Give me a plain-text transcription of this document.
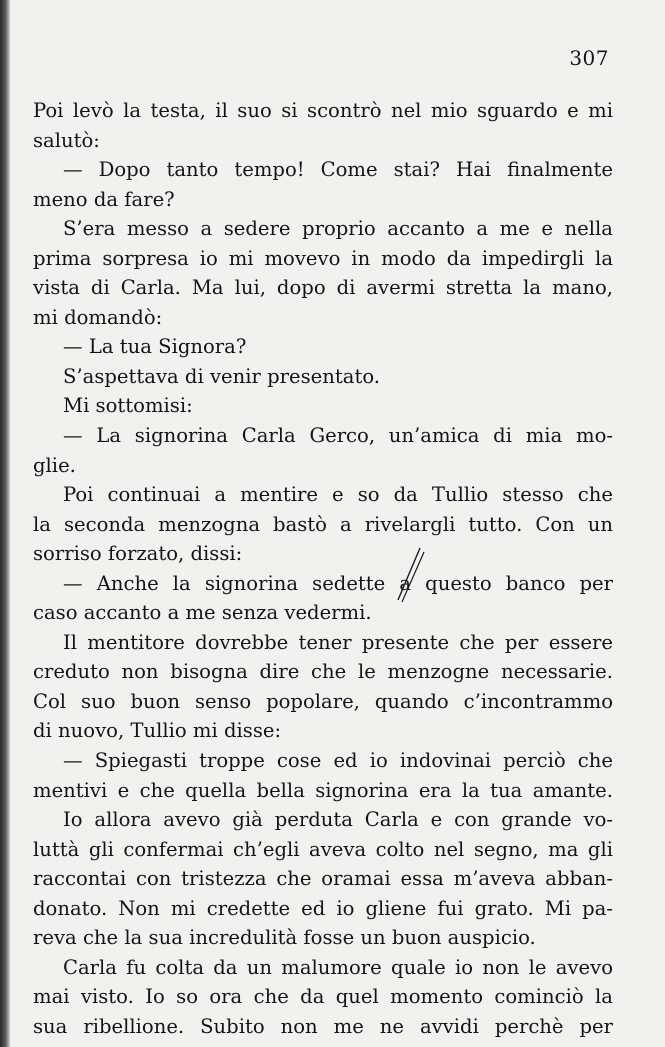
307
Poi levò la testa, il suo si scontrò nel mio sguardo e mi
salutò:
— Dopo tanto tempo! Come stai? Hai finalmente
meno da fare?
S’era messo a sedere proprio accanto a me e nella
prima sorpresa io mi movevo in modo da impedirgli la
vista di Carla. Ma lui, dopo di avermi stretta la mano,
mi domandò:
— La tua Signora?
S’aspettava di venir presentato.
Mi sottomisi:
— La signorina Carla Gerco, un’amica di mia mo-
glie.
Poi continuai a mentire e so da Tullio stesso che
la seconda menzogna bastò a rivelargli tutto. Con un
sorriso forzato, dissi:
— Anche la signorina sedette a questo banco per
caso accanto a me senza vedermi.
Il mentitore dovrebbe tener presente che per essere
creduto non bisogna dire che le menzogne necessarie.
Col suo buon senso popolare, quando c’incontrammo
di nuovo, Tullio mi disse:
— Spiegasti troppe cose ed io indovinai perciò che
mentivi e che quella bella signorina era la tua amante.
Io allora avevo già perduta Carla e con grande vo-
luttà gli confermai ch’egli aveva colto nel segno, ma gli
raccontai con tristezza che oramai essa m’aveva abban-
donato. Non mi credette ed io gliene fui grato. Mi pa-
reva che la sua incredulità fosse un buon auspicio.
Carla fu colta da un malumore quale io non le avevo
mai visto. Io so ora che da quel momento cominciò la
sua ribellione. Subito non me ne avvidi perchè per
